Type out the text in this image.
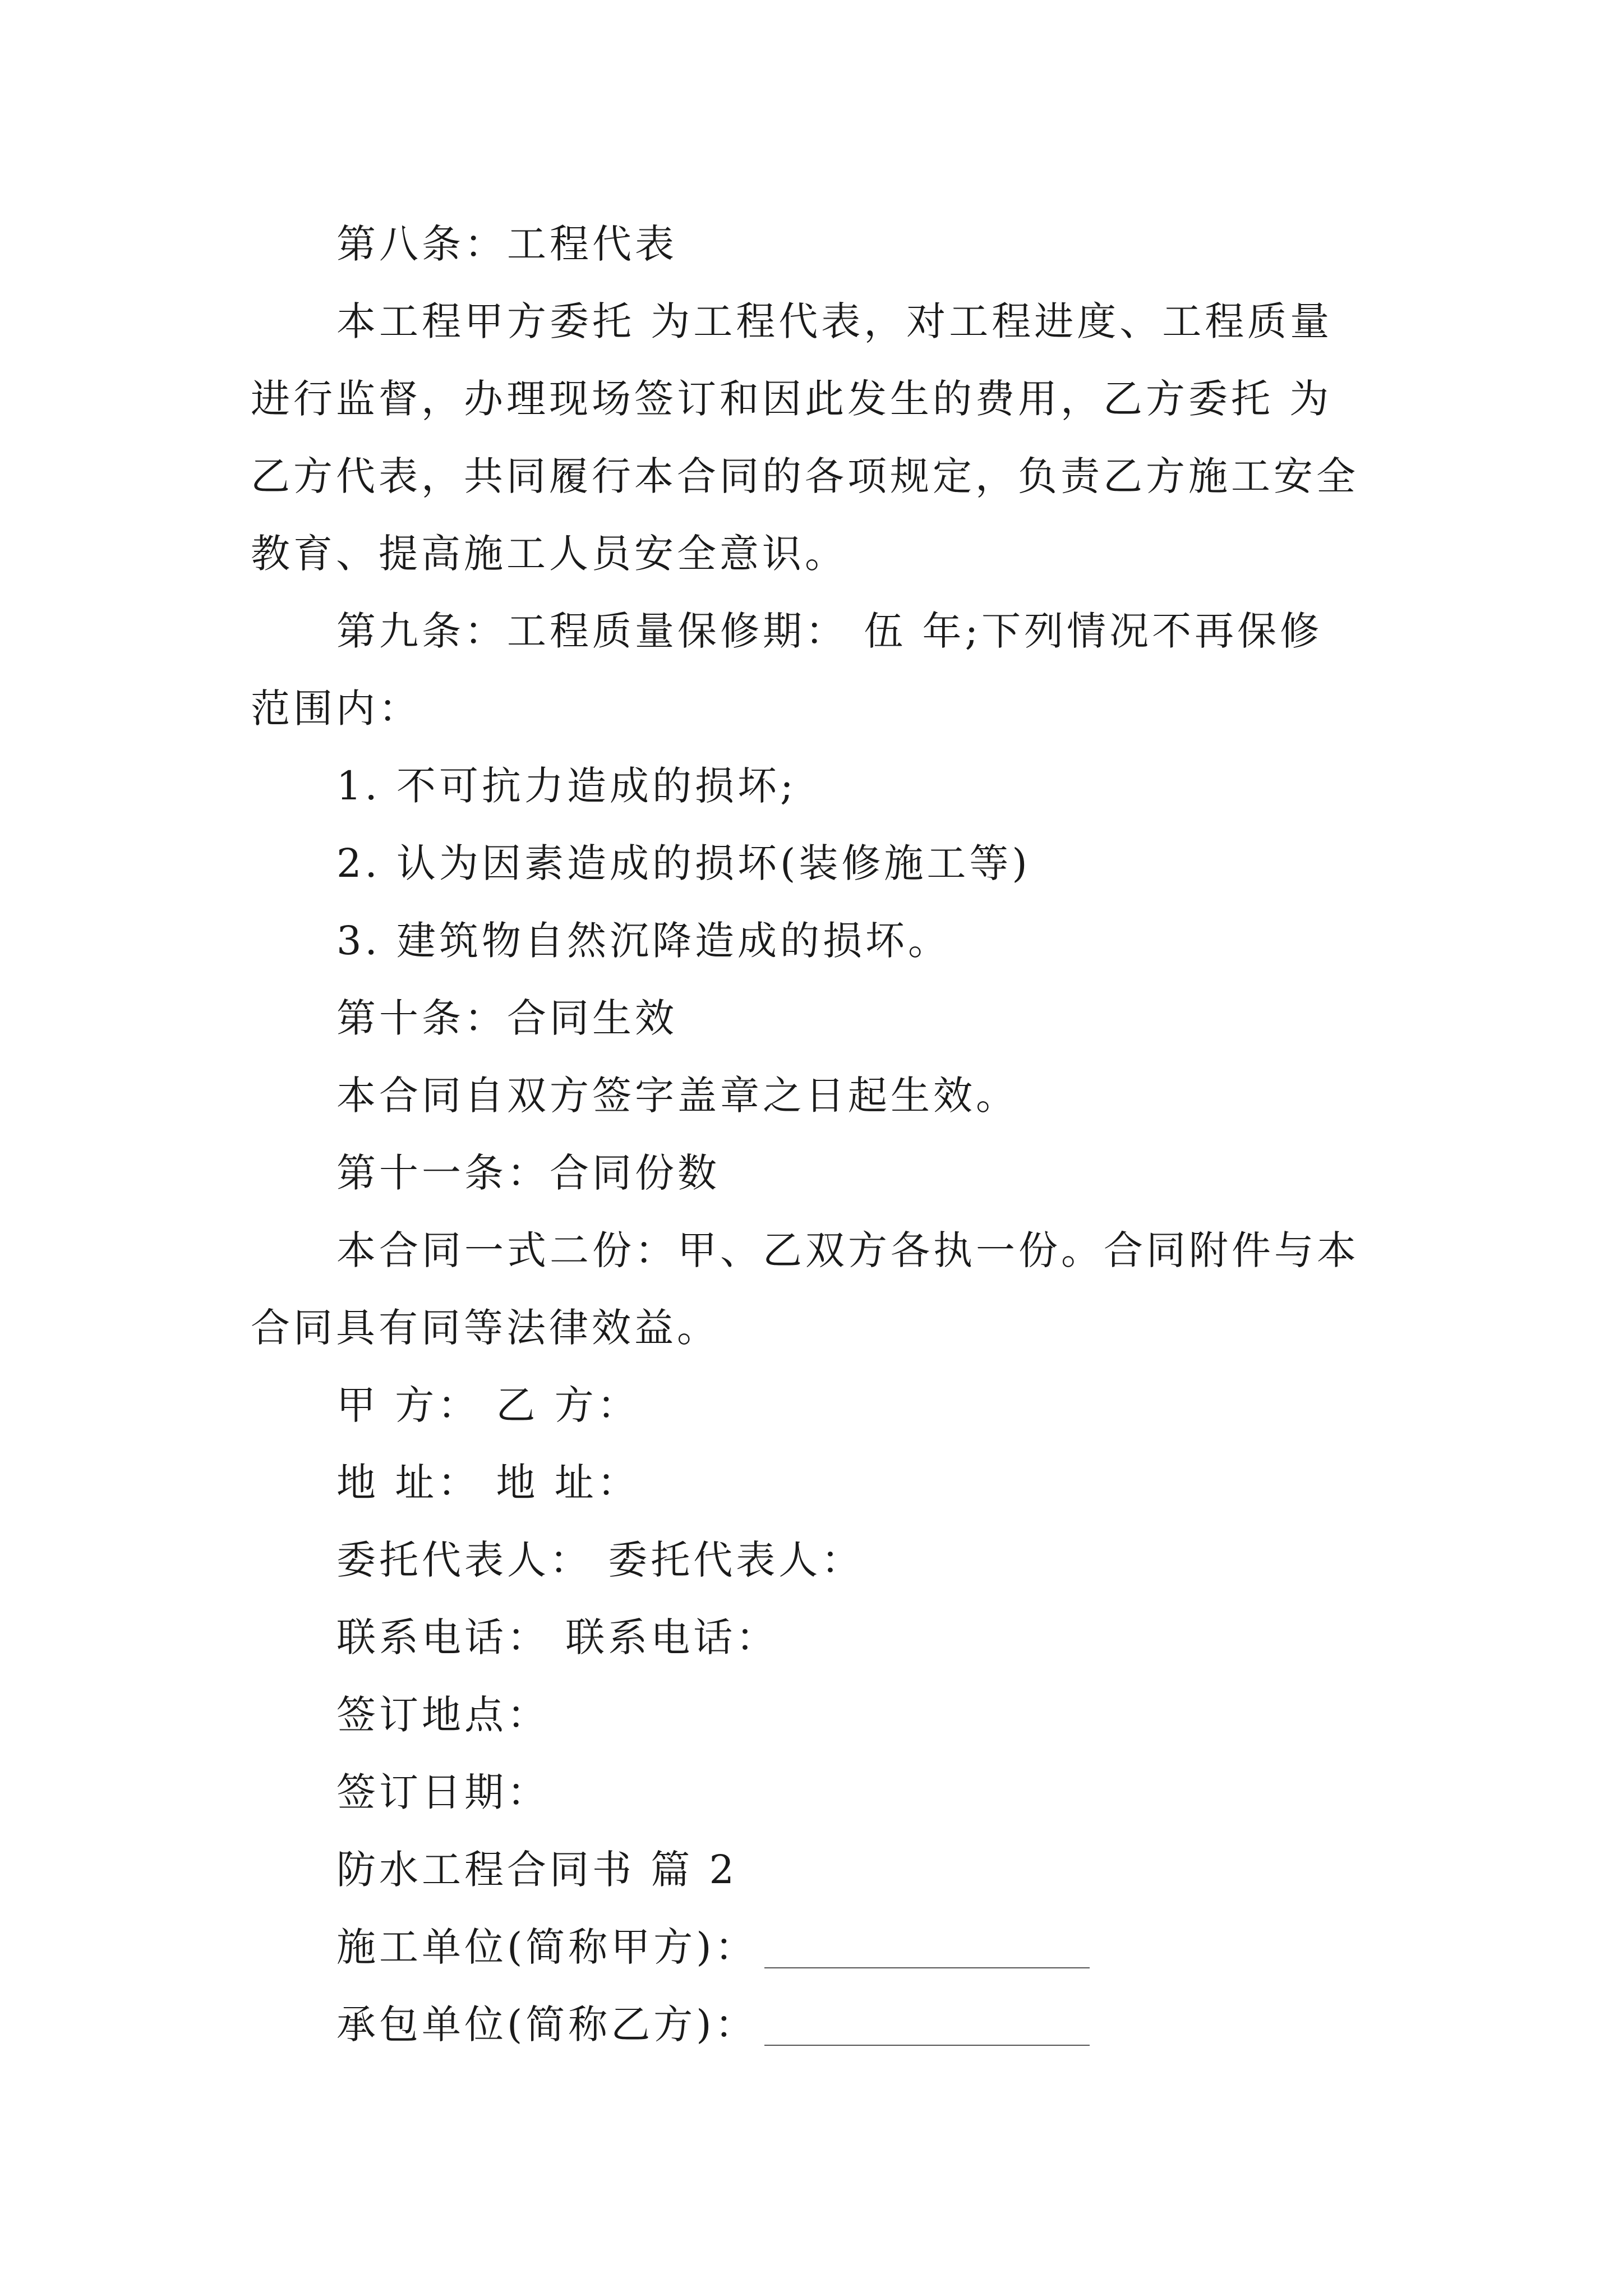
第八条：工程代表
本工程甲方委托 为工程代表，对工程进度、工程质量
进行监督，办理现场签订和因此发生的费用，乙方委托 为
乙方代表，共同履行本合同的各项规定，负责乙方施工安全
教育、提高施工人员安全意识。
第九条：工程质量保修期： 伍 年;下列情况不再保修
范围内：
1. 不可抗力造成的损坏;
2. 认为因素造成的损坏(装修施工等)
3. 建筑物自然沉降造成的损坏。
第十条：合同生效
本合同自双方签字盖章之日起生效。
第十一条：合同份数
本合同一式二份：甲、乙双方各执一份。合同附件与本
合同具有同等法律效益。
甲 方： 乙 方：
地 址： 地 址：
委托代表人： 委托代表人：
联系电话： 联系电话：
签订地点：
签订日期：
防水工程合同书 篇 2
施工单位(简称甲方)：
承包单位(简称乙方)：
